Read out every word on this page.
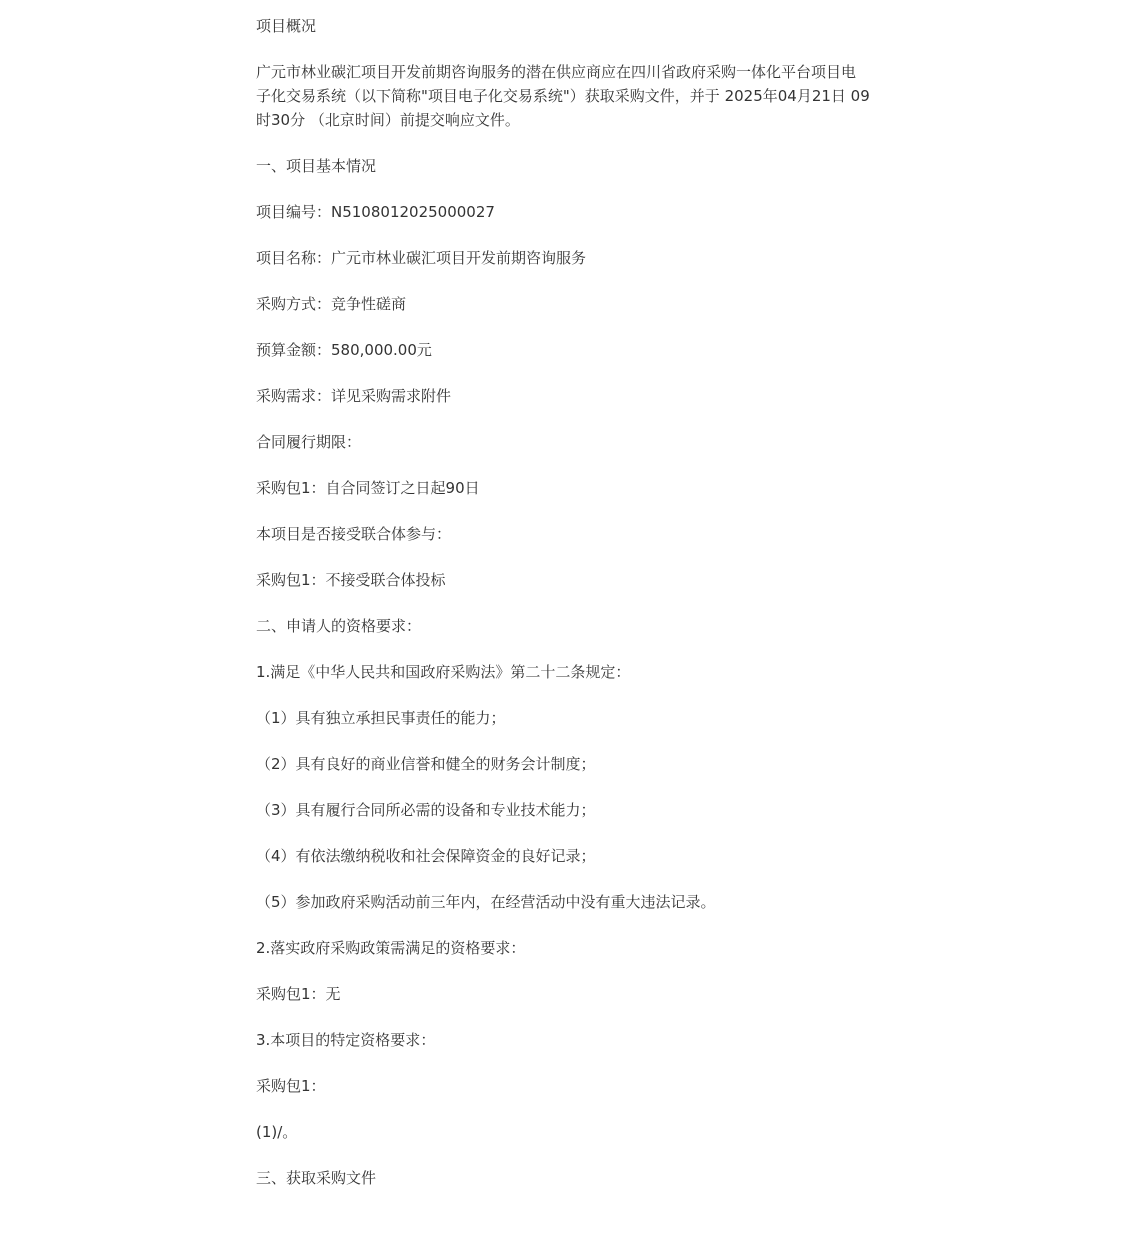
项目概况

广元市林业碳汇项目开发前期咨询服务的潜在供应商应在四川省政府采购一体化平台项目电子化交易系统（以下简称"项目电子化交易系统"）获取采购文件，并于 2025年04月21日 09时30分 （北京时间）前提交响应文件。

一、项目基本情况

项目编号：N5108012025000027

项目名称：广元市林业碳汇项目开发前期咨询服务

采购方式：竞争性磋商

预算金额：580,000.00元

采购需求：详见采购需求附件

合同履行期限：

采购包1：自合同签订之日起90日

本项目是否接受联合体参与：

采购包1：不接受联合体投标

二、申请人的资格要求：

1.满足《中华人民共和国政府采购法》第二十二条规定：

（1）具有独立承担民事责任的能力；

（2）具有良好的商业信誉和健全的财务会计制度；

（3）具有履行合同所必需的设备和专业技术能力；

（4）有依法缴纳税收和社会保障资金的良好记录；

（5）参加政府采购活动前三年内，在经营活动中没有重大违法记录。

2.落实政府采购政策需满足的资格要求：

采购包1：无

3.本项目的特定资格要求：

采购包1：

(1)/。

三、获取采购文件
